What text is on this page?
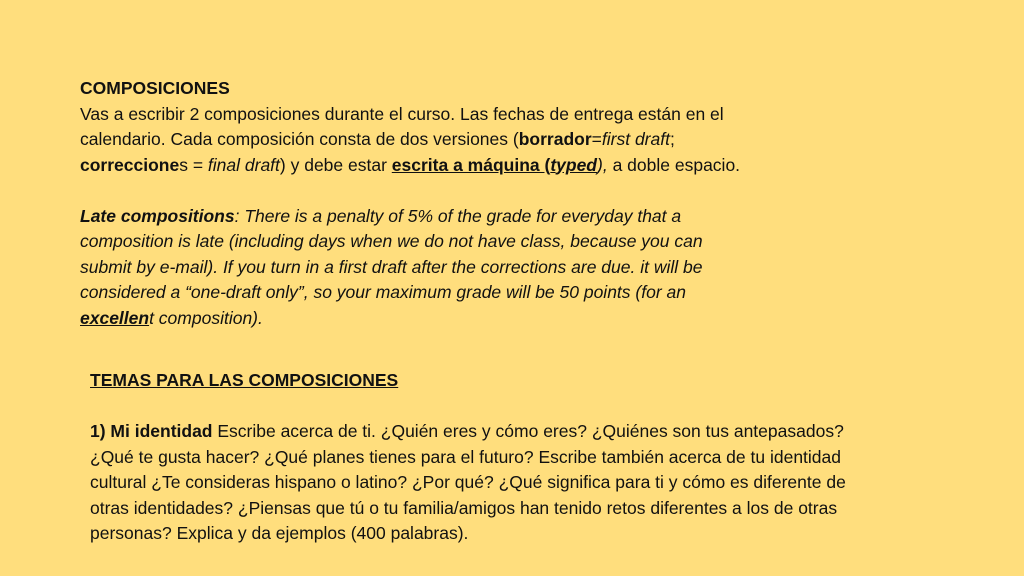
COMPOSICIONES
Vas a escribir 2 composiciones durante el curso. Las fechas de entrega están en el
calendario. Cada composición consta de dos versiones (borrador=first draft;
correcciones = final draft) y debe estar escrita a máquina (typed), a doble espacio.
Late compositions: There is a penalty of 5% of the grade for everyday that a
composition is late (including days when we do not have class, because you can
submit by e-mail). If you turn in a first draft after the corrections are due. it will be
considered a “one-draft only”, so your maximum grade will be 50 points (for an
excellent composition).
TEMAS PARA LAS COMPOSICIONES
1) Mi identidad Escribe acerca de ti. ¿Quién eres y cómo eres? ¿Quiénes son tus antepasados?
¿Qué te gusta hacer? ¿Qué planes tienes para el futuro? Escribe también acerca de tu identidad
cultural ¿Te consideras hispano o latino? ¿Por qué? ¿Qué significa para ti y cómo es diferente de
otras identidades? ¿Piensas que tú o tu familia/amigos han tenido retos diferentes a los de otras
personas? Explica y da ejemplos (400 palabras).
